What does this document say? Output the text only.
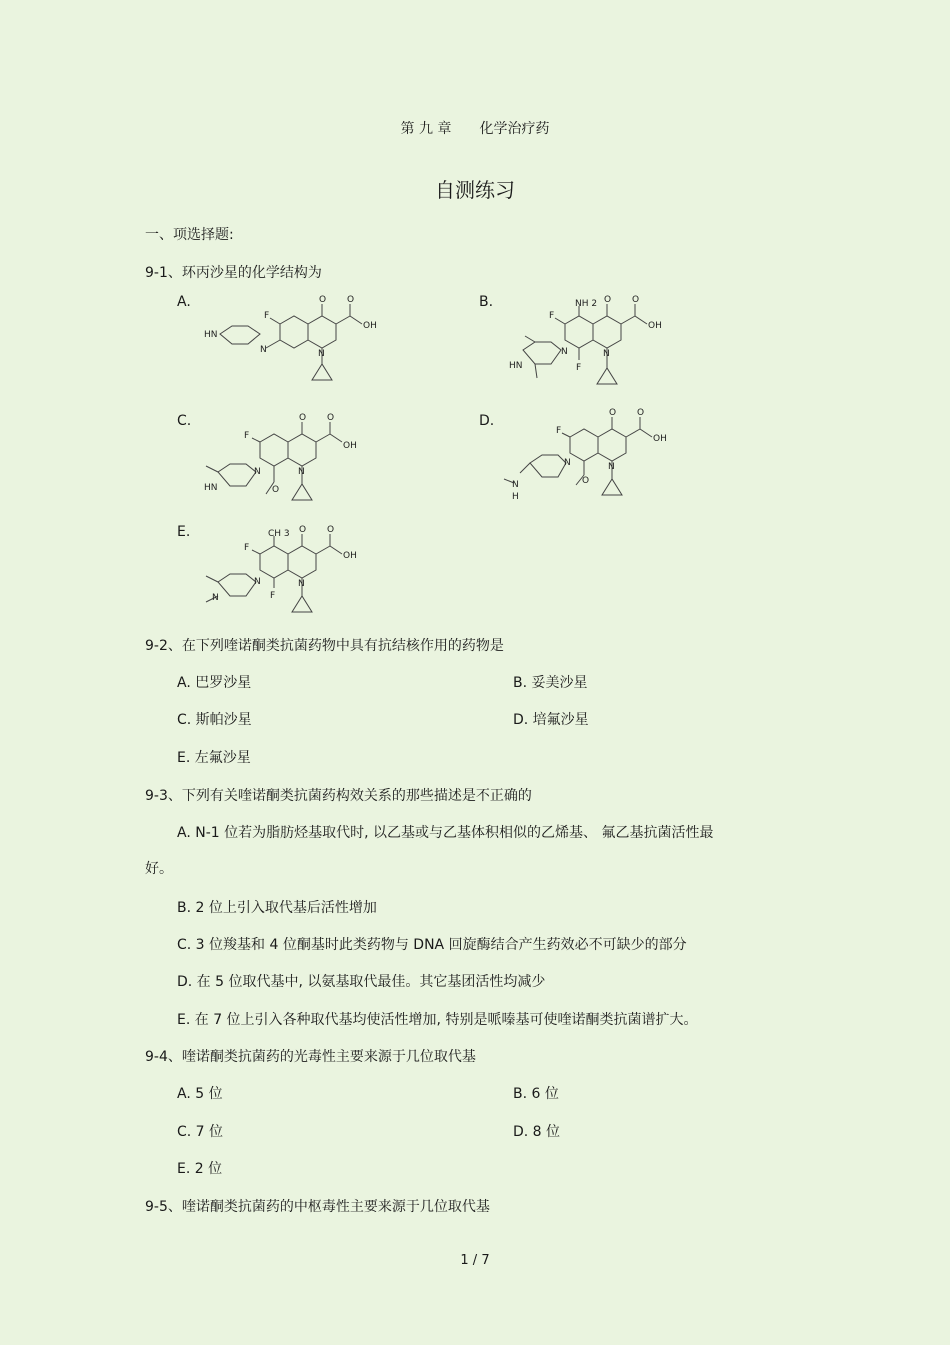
第 九 章 化学治疗药
自测练习
一、项选择题:
9-1、环丙沙星的化学结构为
A.	B.
C.	D.
E.
O O
OH
F
N	N
HN
NH 2 O O
OH
F
F
N	N
HN
O O
OH
F
N	N
O
HN
O O
OH
F
N	N
O
N
H
CH 3 O O
OH
F
F
N	N
N
9-2、在下列喹诺酮类抗菌药物中具有抗结核作用的药物是
A. 巴罗沙星	B. 妥美沙星
C. 斯帕沙星	D. 培氟沙星
E. 左氟沙星
9-3、下列有关喹诺酮类抗菌药构效关系的那些描述是不正确的
A. N-1 位若为脂肪烃基取代时, 以乙基或与乙基体积相似的乙烯基、 氟乙基抗菌活性最
好。
B. 2 位上引入取代基后活性增加
C. 3 位羧基和 4 位酮基时此类药物与 DNA 回旋酶结合产生药效必不可缺少的部分
D. 在 5 位取代基中, 以氨基取代最佳。其它基团活性均减少
E. 在 7 位上引入各种取代基均使活性增加, 特别是哌嗪基可使喹诺酮类抗菌谱扩大。
9-4、喹诺酮类抗菌药的光毒性主要来源于几位取代基
A. 5 位	B. 6 位
C. 7 位	D. 8 位
E. 2 位
9-5、喹诺酮类抗菌药的中枢毒性主要来源于几位取代基
1 / 7
